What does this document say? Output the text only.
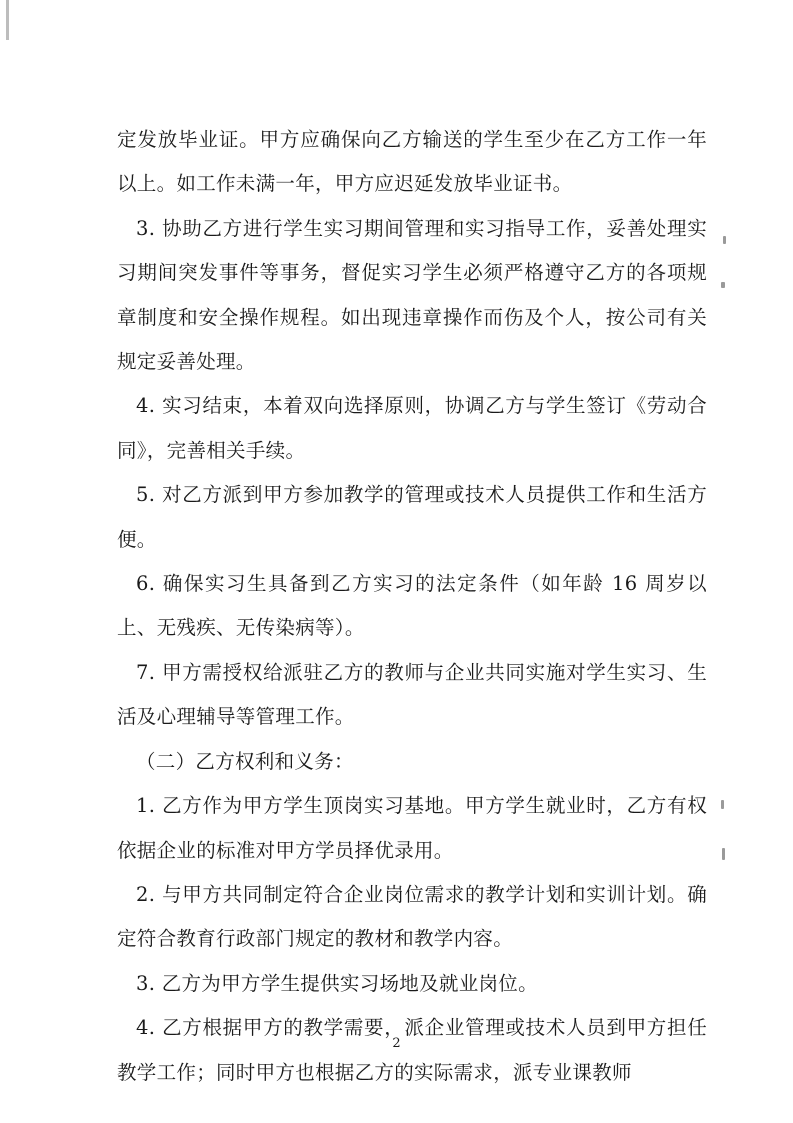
定发放毕业证。甲方应确保向乙方输送的学生至少在乙方工作一年以上。如工作未满一年，甲方应迟延发放毕业证书。

3. 协助乙方进行学生实习期间管理和实习指导工作，妥善处理实习期间突发事件等事务，督促实习学生必须严格遵守乙方的各项规章制度和安全操作规程。如出现违章操作而伤及个人，按公司有关规定妥善处理。

4. 实习结束，本着双向选择原则，协调乙方与学生签订《劳动合同》，完善相关手续。

5. 对乙方派到甲方参加教学的管理或技术人员提供工作和生活方便。

6. 确保实习生具备到乙方实习的法定条件（如年龄 16 周岁以上、无残疾、无传染病等）。

7. 甲方需授权给派驻乙方的教师与企业共同实施对学生实习、生活及心理辅导等管理工作。

（二）乙方权利和义务：

1. 乙方作为甲方学生顶岗实习基地。甲方学生就业时，乙方有权依据企业的标准对甲方学员择优录用。

2. 与甲方共同制定符合企业岗位需求的教学计划和实训计划。确定符合教育行政部门规定的教材和教学内容。

3. 乙方为甲方学生提供实习场地及就业岗位。

4. 乙方根据甲方的教学需要，派企业管理或技术人员到甲方担任教学工作；同时甲方也根据乙方的实际需求，派专业课教师

2
